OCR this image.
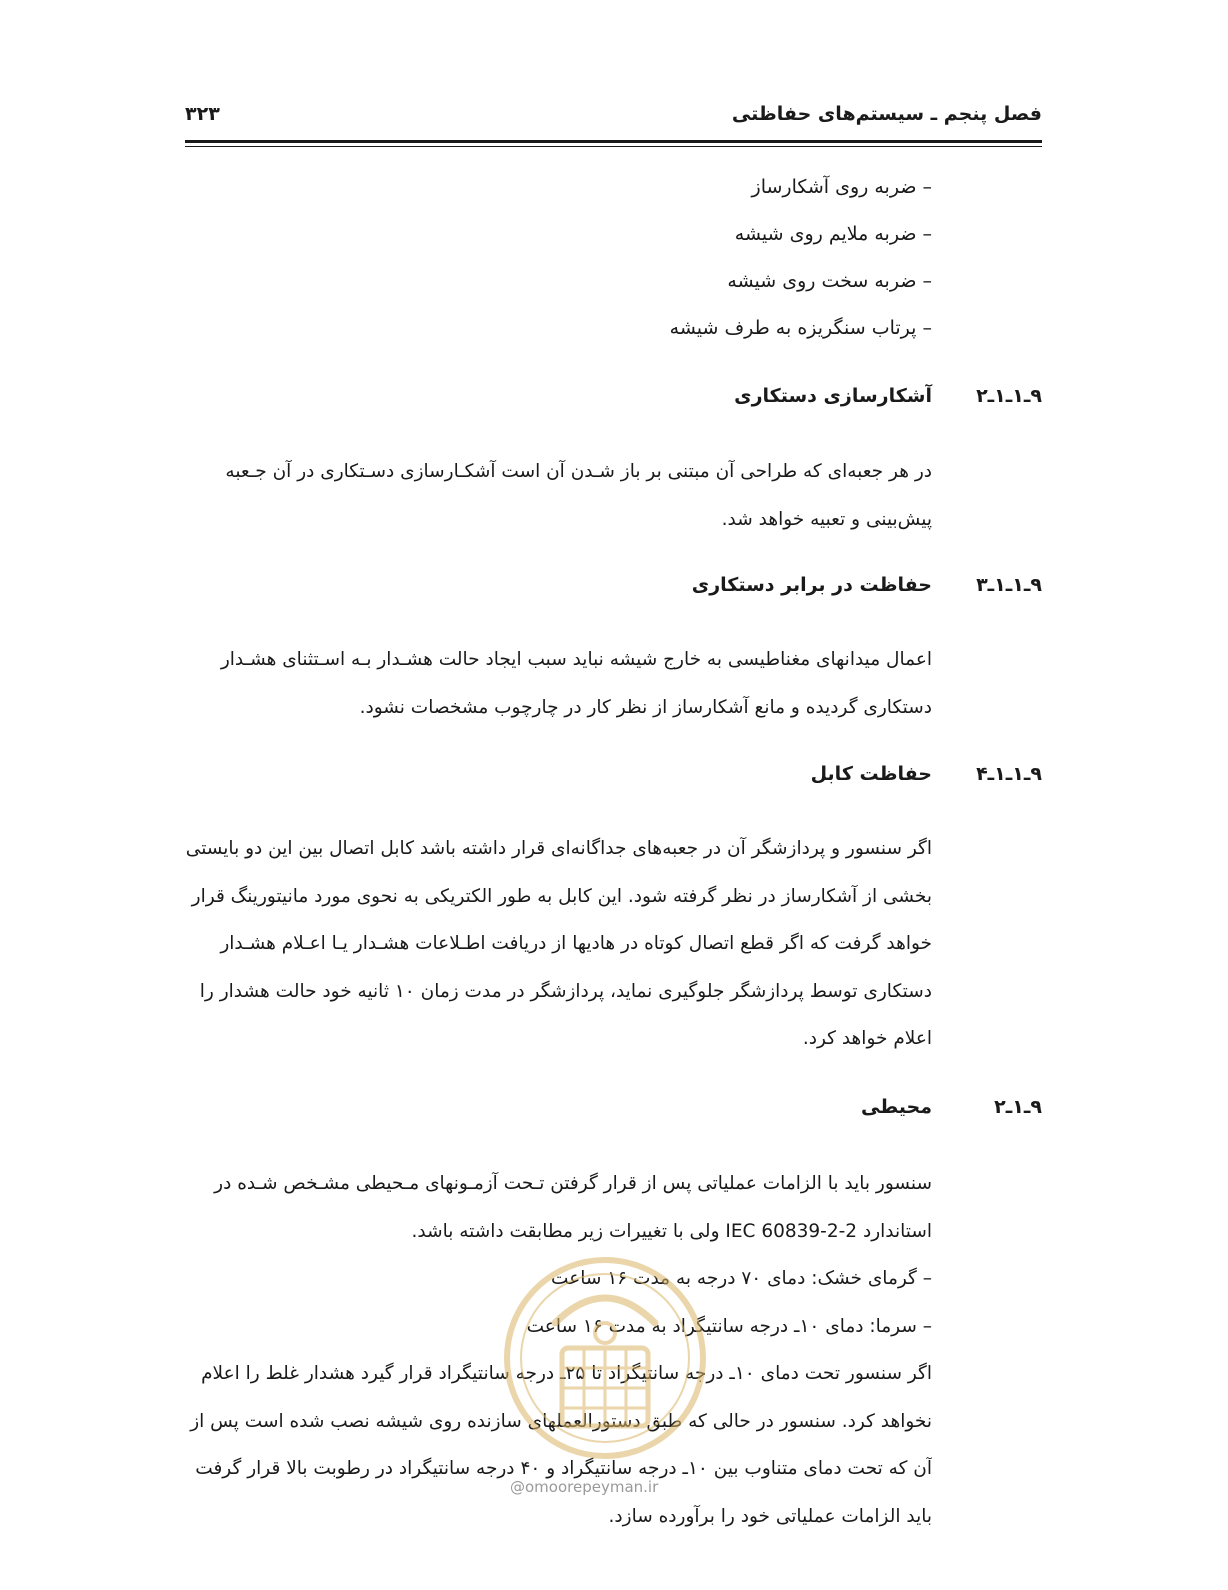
فصل پنجم ـ سیستم‌های حفاظتی
۳۲۳
– ضربه روی آشکارساز
– ضربه ملایم روی شیشه
– ضربه سخت روی شیشه
– پرتاب سنگریزه به طرف شیشه
۹ـ۱ـ۱ـ۲
آشکارسازی دستکاری
در هر جعبه‌ای که طراحی آن مبتنی بر باز شـدن آن است آشکـارسازی دسـتکاری در آن جـعبه
پیش‌بینی و تعبیه خواهد شد.
۹ـ۱ـ۱ـ۳
حفاظت در برابر دستکاری
اعمال میدانهای مغناطیسی به خارج شیشه نباید سبب ایجاد حالت هشـدار بـه اسـتثنای هشـدار
دستکاری گردیده و مانع آشکارساز از نظر کار در چارچوب مشخصات نشود.
۹ـ۱ـ۱ـ۴
حفاظت کابل
اگر سنسور و پردازشگر آن در جعبه‌های جداگانه‌ای قرار داشته باشد کابل اتصال بین این دو بایستی
بخشی از آشکارساز در نظر گرفته شود. این کابل به طور الکتریکی به نحوی مورد مانیتورینگ قرار
خواهد گرفت که اگر قطع اتصال کوتاه در هادیها از دریافت اطـلاعات هشـدار یـا اعـلام هشـدار
دستکاری توسط پردازشگر جلوگیری نماید، پردازشگر در مدت زمان ۱۰ ثانیه خود حالت هشدار را
اعلام خواهد کرد.
۹ـ۱ـ۲
محیطی
سنسور باید با الزامات عملیاتی پس از قرار گرفتن تـحت آزمـونهای مـحیطی مشـخص شـده در
استاندارد IEC 60839-2-2 ولی با تغییرات زیر مطابقت داشته باشد.
– گرمای خشک: دمای ۷۰ درجه به مدت ۱۶ ساعت
– سرما: دمای ۱۰ـ درجه سانتیگراد به مدت ۱۶ ساعت
اگر سنسور تحت دمای ۱۰ـ درجه سانتیگراد تا ۲۵ـ درجه سانتیگراد قرار گیرد هشدار غلط را اعلام
نخواهد کرد. سنسور در حالی که طبق دستورالعملهای سازنده روی شیشه نصب شده است پس از
آن که تحت دمای متناوب بین ۱۰ـ درجه سانتیگراد و ۴۰ درجه سانتیگراد در رطوبت بالا قرار گرفت
باید الزامات عملیاتی خود را برآورده سازد.
@omoorepeyman.ir
